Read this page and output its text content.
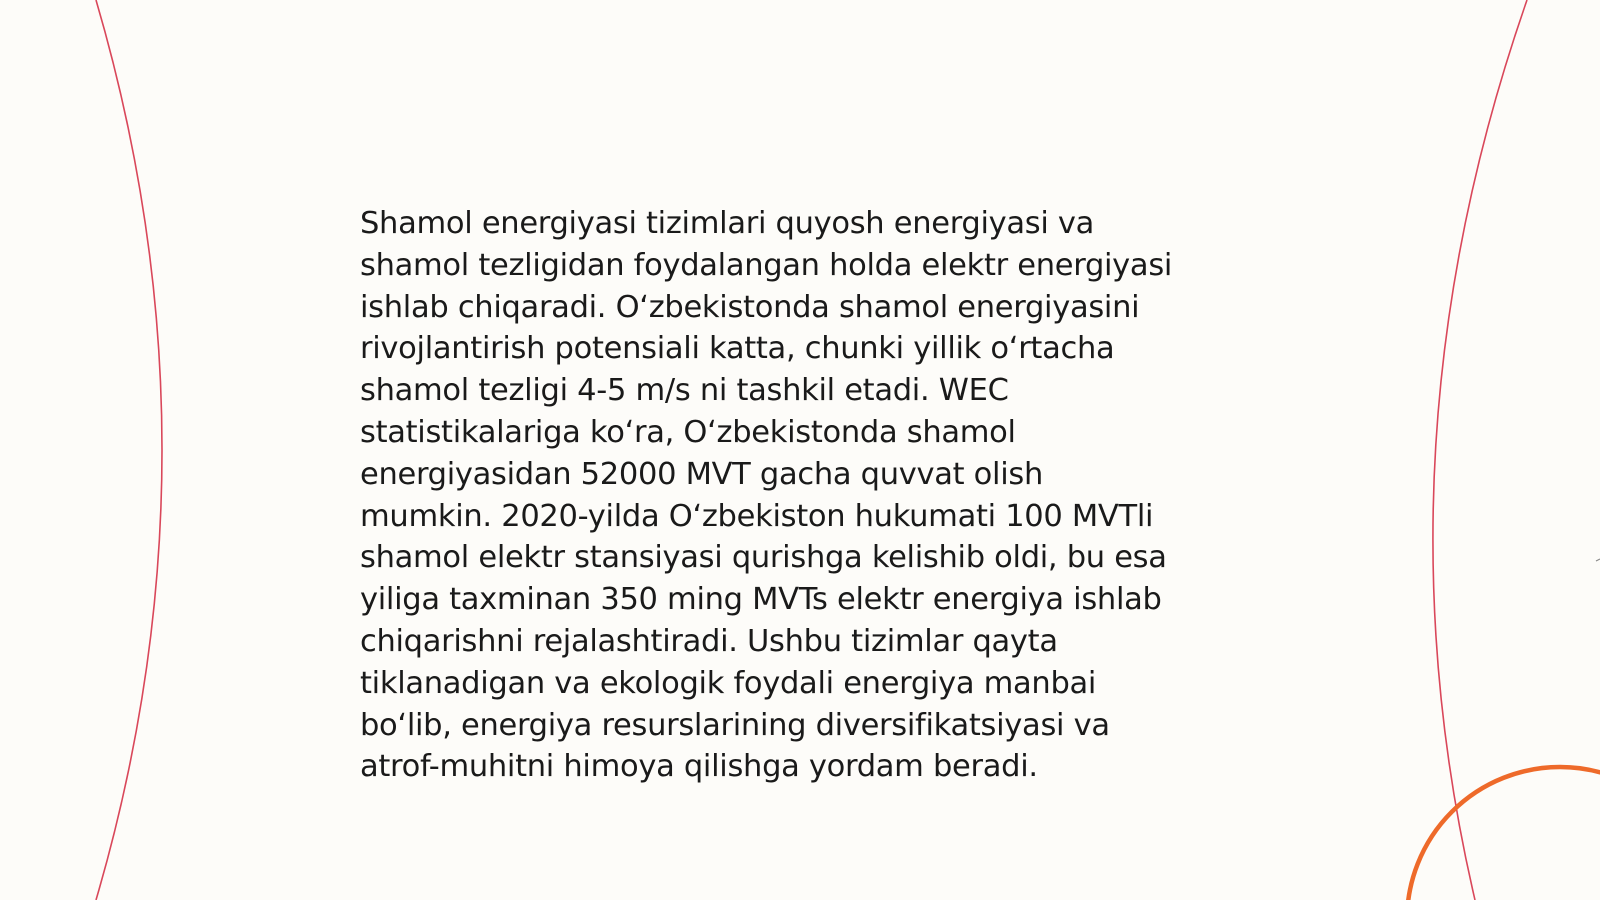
Shamol energiyasi tizimlari quyosh energiyasi va
shamol tezligidan foydalangan holda elektr energiyasi
ishlab chiqaradi. O‘zbekistonda shamol energiyasini
rivojlantirish potensiali katta, chunki yillik o‘rtacha
shamol tezligi 4-5 m/s ni tashkil etadi. WEC
statistikalariga ko‘ra, O‘zbekistonda shamol
energiyasidan 52000 MVT gacha quvvat olish
mumkin. 2020-yilda O‘zbekiston hukumati 100 MVTli
shamol elektr stansiyasi qurishga kelishib oldi, bu esa
yiliga taxminan 350 ming MVTs elektr energiya ishlab
chiqarishni rejalashtiradi. Ushbu tizimlar qayta
tiklanadigan va ekologik foydali energiya manbai
bo‘lib, energiya resurslarining diversifikatsiyasi va
atrof-muhitni himoya qilishga yordam beradi.
